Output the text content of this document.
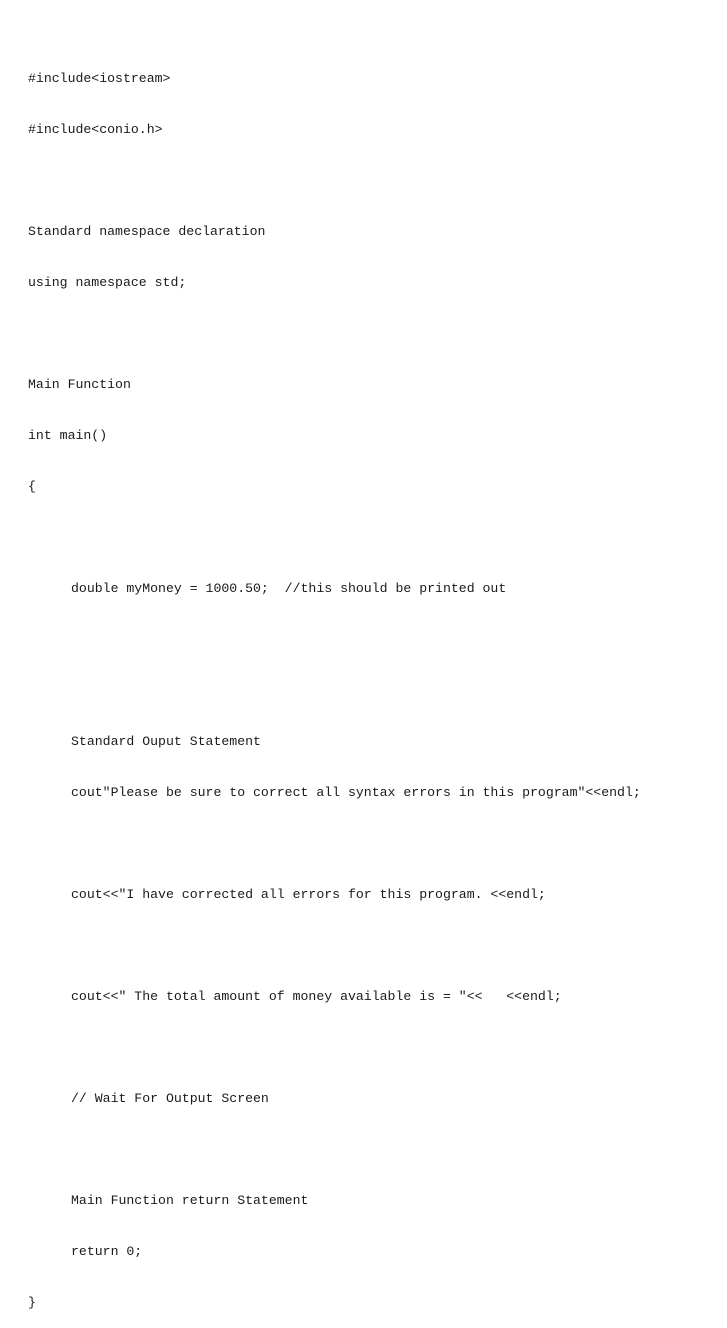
#include<iostream>

#include<conio.h>

Standard namespace declaration

using namespace std;

Main Function

int main()

{

double myMoney = 1000.50;  //this should be printed out

Standard Ouput Statement

cout"Please be sure to correct all syntax errors in this program"<<endl;

cout<<"I have corrected all errors for this program. <<endl;

cout<<" The total amount of money available is = "<<   <<endl;

// Wait For Output Screen

Main Function return Statement

return 0;

}
